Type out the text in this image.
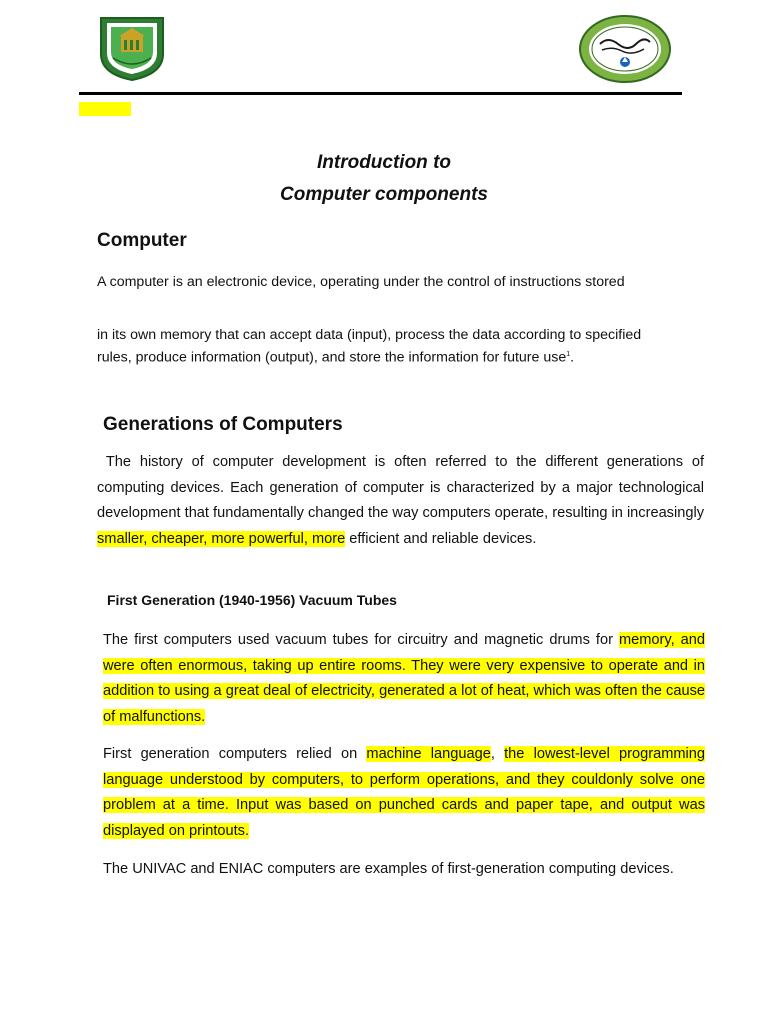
Introduction to
Computer components
Computer
A computer is an electronic device, operating under the control of instructions stored
in its own memory that can accept data (input), process the data according to specified rules, produce information (output), and store the information for future use$^1$.
Generations of Computers
The history of computer development is often referred to the different generations of computing devices. Each generation of computer is characterized by a major technological development that fundamentally changed the way computers operate, resulting in increasingly smaller, cheaper, more powerful, more efficient and reliable devices.
First Generation (1940-1956) Vacuum Tubes
The first computers used vacuum tubes for circuitry and magnetic drums for memory, and were often enormous, taking up entire rooms. They were very expensive to operate and in addition to using a great deal of electricity, generated a lot of heat, which was often the cause of malfunctions.
First generation computers relied on machine language, the lowest-level programming language understood by computers, to perform operations, and they couldonly solve one problem at a time. Input was based on punched cards and paper tape, and output was displayed on printouts.
The UNIVAC and ENIAC computers are examples of first-generation computing devices.
